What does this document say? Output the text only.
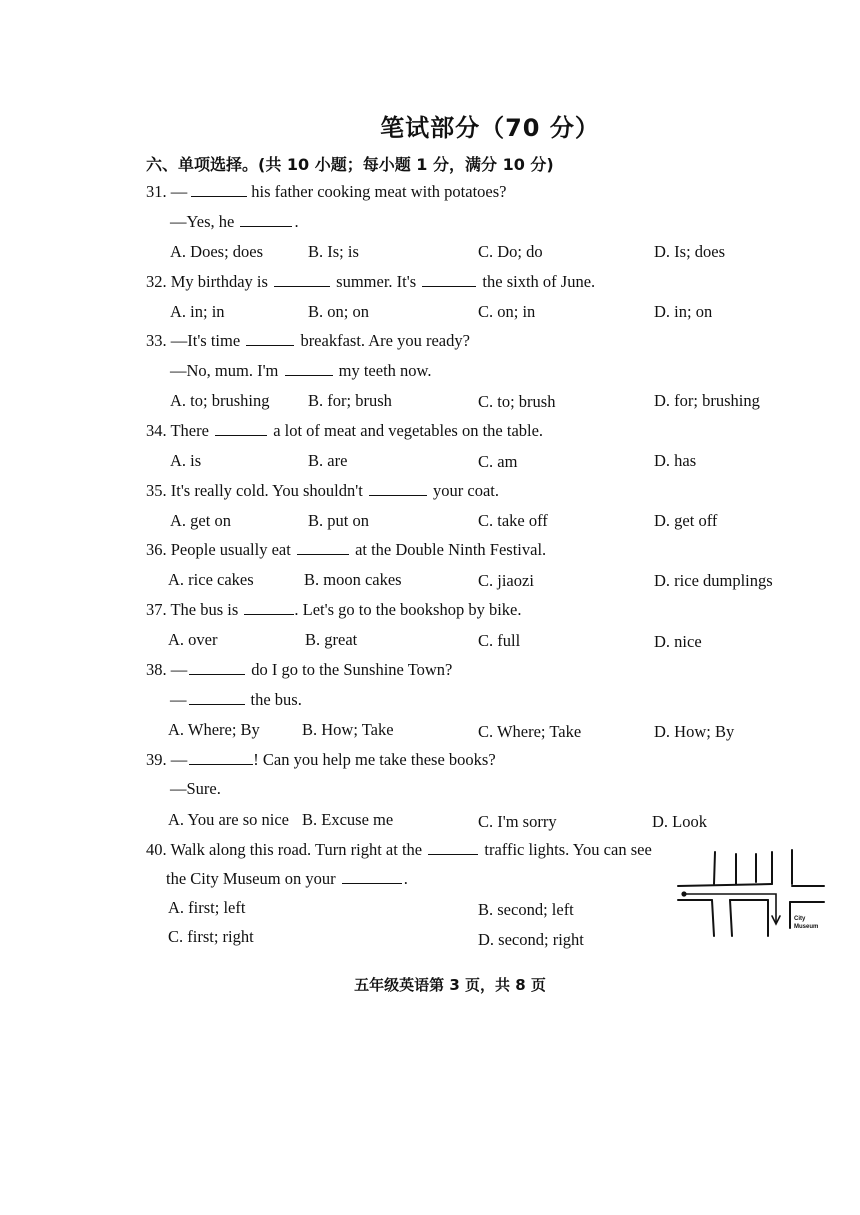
笔试部分（70 分）
六、单项选择。(共 10 小题；每小题 1 分，满分 10 分)
31. —	his father cooking meat with potatoes?
—Yes, he	.
A. Does; does	B. Is; is	C. Do; do	D. Is; does
32. My birthday is	summer. It's	the sixth of June.
A. in; in	B. on; on	C. on; in	D. in; on
33. —It's time	breakfast. Are you ready?
—No, mum. I'm	my teeth now.
A. to; brushing B. for; brush	C. to; brush	D. for; brushing
34. There	a lot of meat and vegetables on the table.
A. is	B. are	C. am	D. has
35. It's really cold. You shouldn't	your coat.
A. get on	B. put on	C. take off	D. get off
36. People usually eat	at the Double Ninth Festival.
A. rice cakes	B. moon cakes	C. jiaozi	D. rice dumplings
37. The bus is	. Let's go to the bookshop by bike.
A. over	B. great	C. full	D. nice
38. —	do I go to the Sunshine Town?
—	the bus.
A. Where; By	B. How; Take	C. Where; Take	D. How; By
39. —	! Can you help me take these books?
—Sure.
A. You are so nice B. Excuse me	C. I'm sorry	D. Look
40. Walk along this road. Turn right at the	traffic lights. You can see
the City Museum on your	.
A. first; left	B. second; left
C. first; right	D. second; right
City
Museum
五年级英语第 3 页，共 8 页
